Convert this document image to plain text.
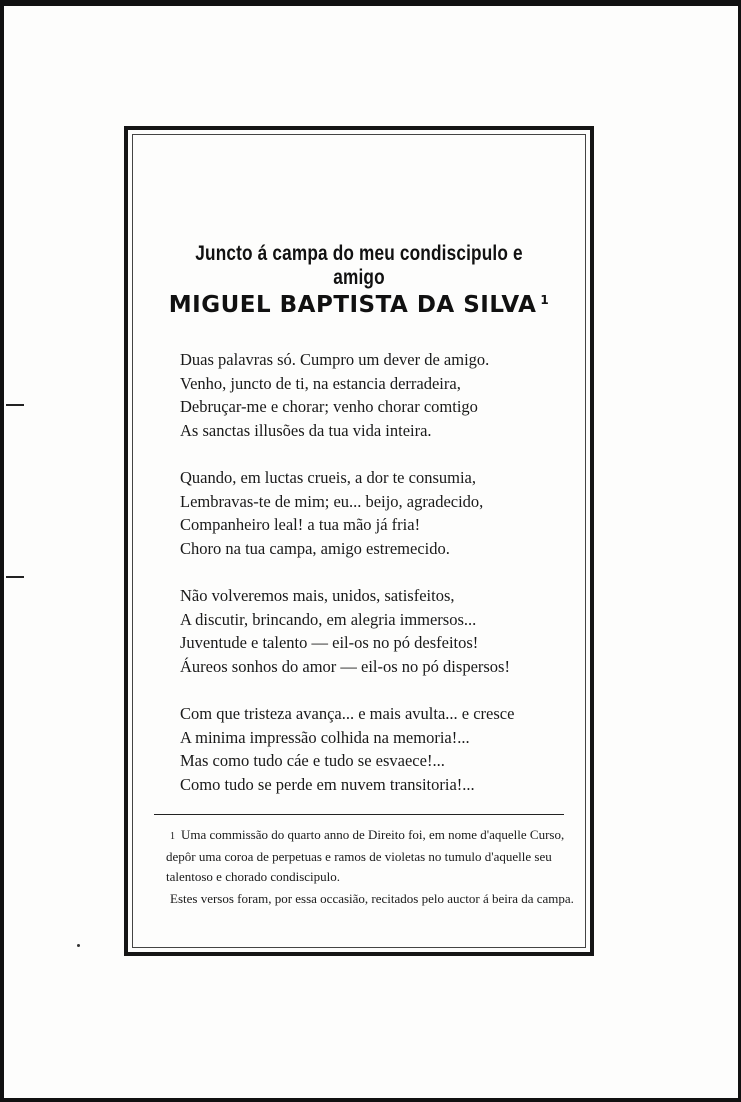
Juncto á campa do meu condiscipulo e amigo
MIGUEL BAPTISTA DA SILVA $^1$
Duas palavras só. Cumpro um dever de amigo.
Venho, juncto de ti, na estancia derradeira,
Debruçar-me e chorar; venho chorar comtigo
As sanctas illusões da tua vida inteira.
Quando, em luctas crueis, a dor te consumia,
Lembravas-te de mim; eu... beijo, agradecido,
Companheiro leal! a tua mão já fria!
Choro na tua campa, amigo estremecido.
Não volveremos mais, unidos, satisfeitos,
A discutir, brincando, em alegria immersos...
Juventude e talento — eil-os no pó desfeitos!
Áureos sonhos do amor — eil-os no pó dispersos!
Com que tristeza avança... e mais avulta... e cresce
A minima impressão colhida na memoria!...
Mas como tudo cáe e tudo se esvaece!...
Como tudo se perde em nuvem transitoria!...

1 Uma commissão do quarto anno de Direito foi, em nome d'aquelle Curso, depôr uma coroa de perpetuas e ramos de violetas no tumulo d'aquelle seu talentoso e chorado condiscipulo.

Estes versos foram, por essa occasião, recitados pelo auctor á beira da campa.
